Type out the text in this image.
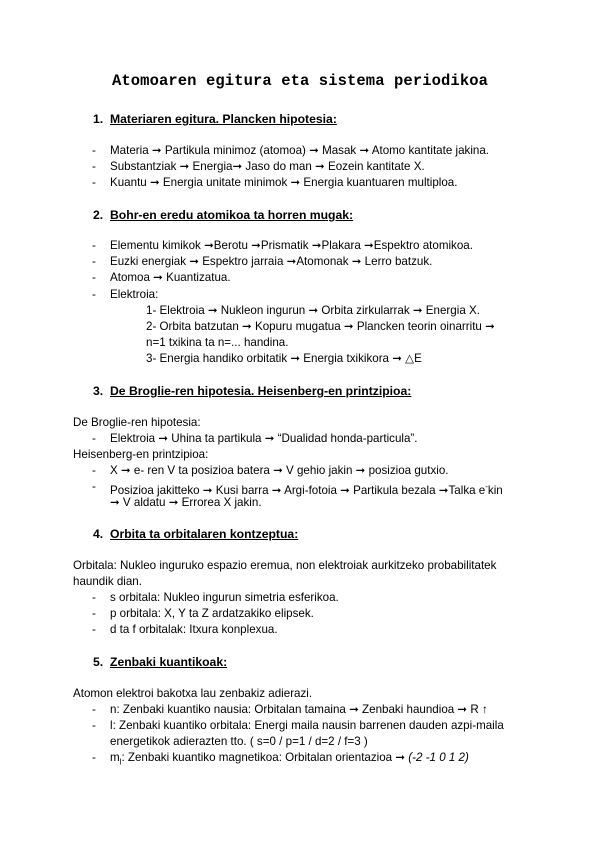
Atomoaren egitura eta sistema periodikoa
1. Materiaren egitura. Plancken hipotesia:
- Materia ➞ Partikula minimoz (atomoa) ➞ Masak ➞ Atomo kantitate jakina.
- Substantziak ➞ Energia➞ Jaso do man ➞ Eozein kantitate X.
- Kuantu ➞ Energia unitate minimok ➞ Energia kuantuaren multiploa.
2. Bohr-en eredu atomikoa ta horren mugak:
- Elementu kimikok ➞Berotu ➞Prismatik ➞Plakara ➞Espektro atomikoa.
- Euzki energiak ➞ Espektro jarraia ➞Atomonak ➞ Lerro batzuk.
- Atomoa ➞ Kuantizatua.
- Elektroia:
1- Elektroia ➞ Nukleon ingurun ➞ Orbita zirkularrak ➞ Energia X.
2- Orbita batzutan ➞ Kopuru mugatua ➞ Plancken teorin oinarritu ➞
n=1 txikina ta n=... handina.
3- Energia handiko orbitatik ➞ Energia txikikora ➞ △E
3. De Broglie-ren hipotesia. Heisenberg-en printzipioa:
De Broglie-ren hipotesia:
- Elektroia ➞ Uhina ta partikula ➞ “Dualidad honda-particula”.
Heisenberg-en printzipioa:
- X ➞ e- ren V ta posizioa batera ➞ V gehio jakin ➞ posizioa gutxio.
- Posizioa jakitteko ➞ Kusi barra ➞ Argi-fotoia ➞ Partikula bezala ➞Talka e-kin
➞ V aldatu ➞ Errorea X jakin.
4. Orbita ta orbitalaren kontzeptua:
Orbitala: Nukleo inguruko espazio eremua, non elektroiak aurkitzeko probabilitatek
haundik dian.
- s orbitala: Nukleo ingurun simetria esferikoa.
- p orbitala: X, Y ta Z ardatzakiko elipsek.
- d ta f orbitalak: Itxura konplexua.
5. Zenbaki kuantikoak:
Atomon elektroi bakotxa lau zenbakiz adierazi.
- n: Zenbaki kuantiko nausia: Orbitalan tamaina ➞ Zenbaki haundioa ➞ R ↑
- l: Zenbaki kuantiko orbitala: Energi maila nausin barrenen dauden azpi-maila
energetikok adierazten tto. ( s=0 / p=1 / d=2 / f=3 )
- $m_l$: Zenbaki kuantiko magnetikoa: Orbitalan orientazioa ➞ (-2 -1 0 1 2)
